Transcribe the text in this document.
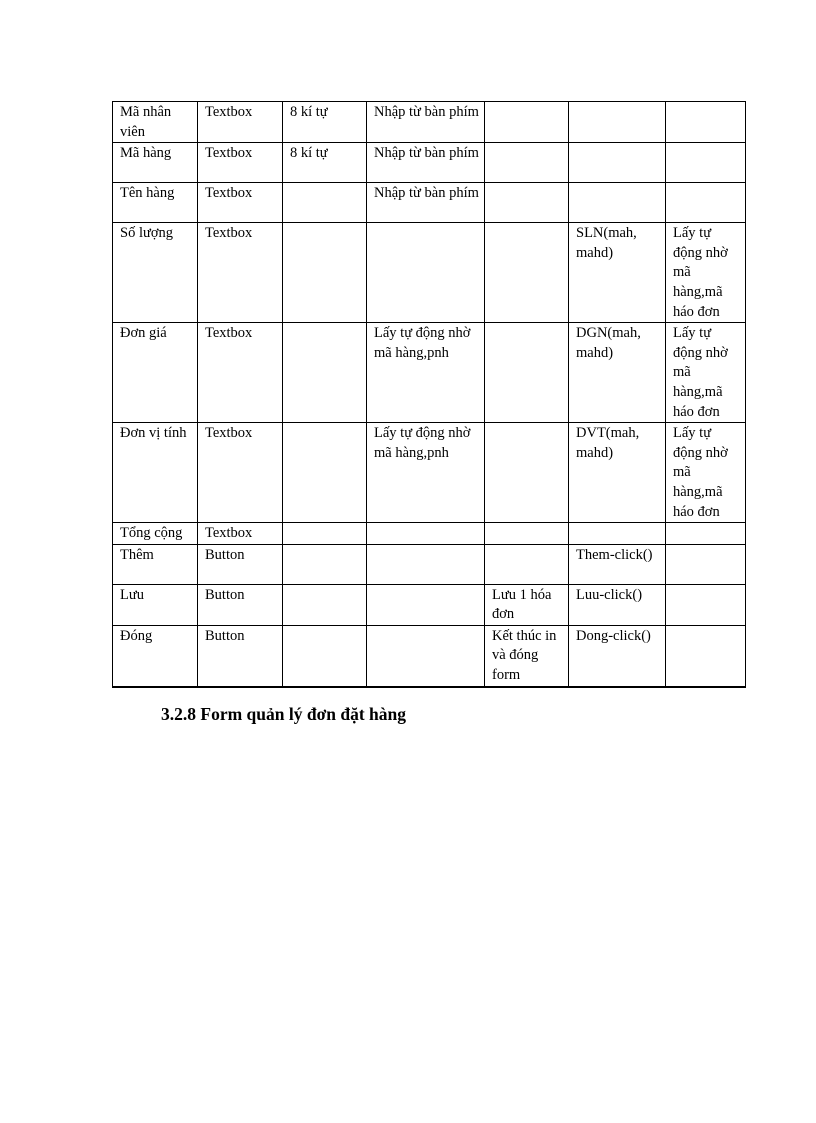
Mã nhân viên	Textbox	8 kí tự	Nhập từ bàn phím			
Mã hàng	Textbox	8 kí tự	Nhập từ bàn phím			
Tên hàng	Textbox		Nhập từ bàn phím			
Số lượng	Textbox				SLN(mah, mahd)	Lấy tự động nhờ mã hàng,mã háo đơn
Đơn giá	Textbox		Lấy tự động nhờ mã hàng,pnh		DGN(mah, mahd)	Lấy tự động nhờ mã hàng,mã háo đơn
Đơn vị tính	Textbox		Lấy tự động nhờ mã hàng,pnh		DVT(mah, mahd)	Lấy tự động nhờ mã hàng,mã háo đơn
Tổng cộng	Textbox					
Thêm	Button				Them-click()	
Lưu	Button			Lưu 1 hóa đơn	Luu-click()	
Đóng	Button			Kết thúc in và đóng form	Dong-click()	
3.2.8 Form quản lý đơn đặt hàng
